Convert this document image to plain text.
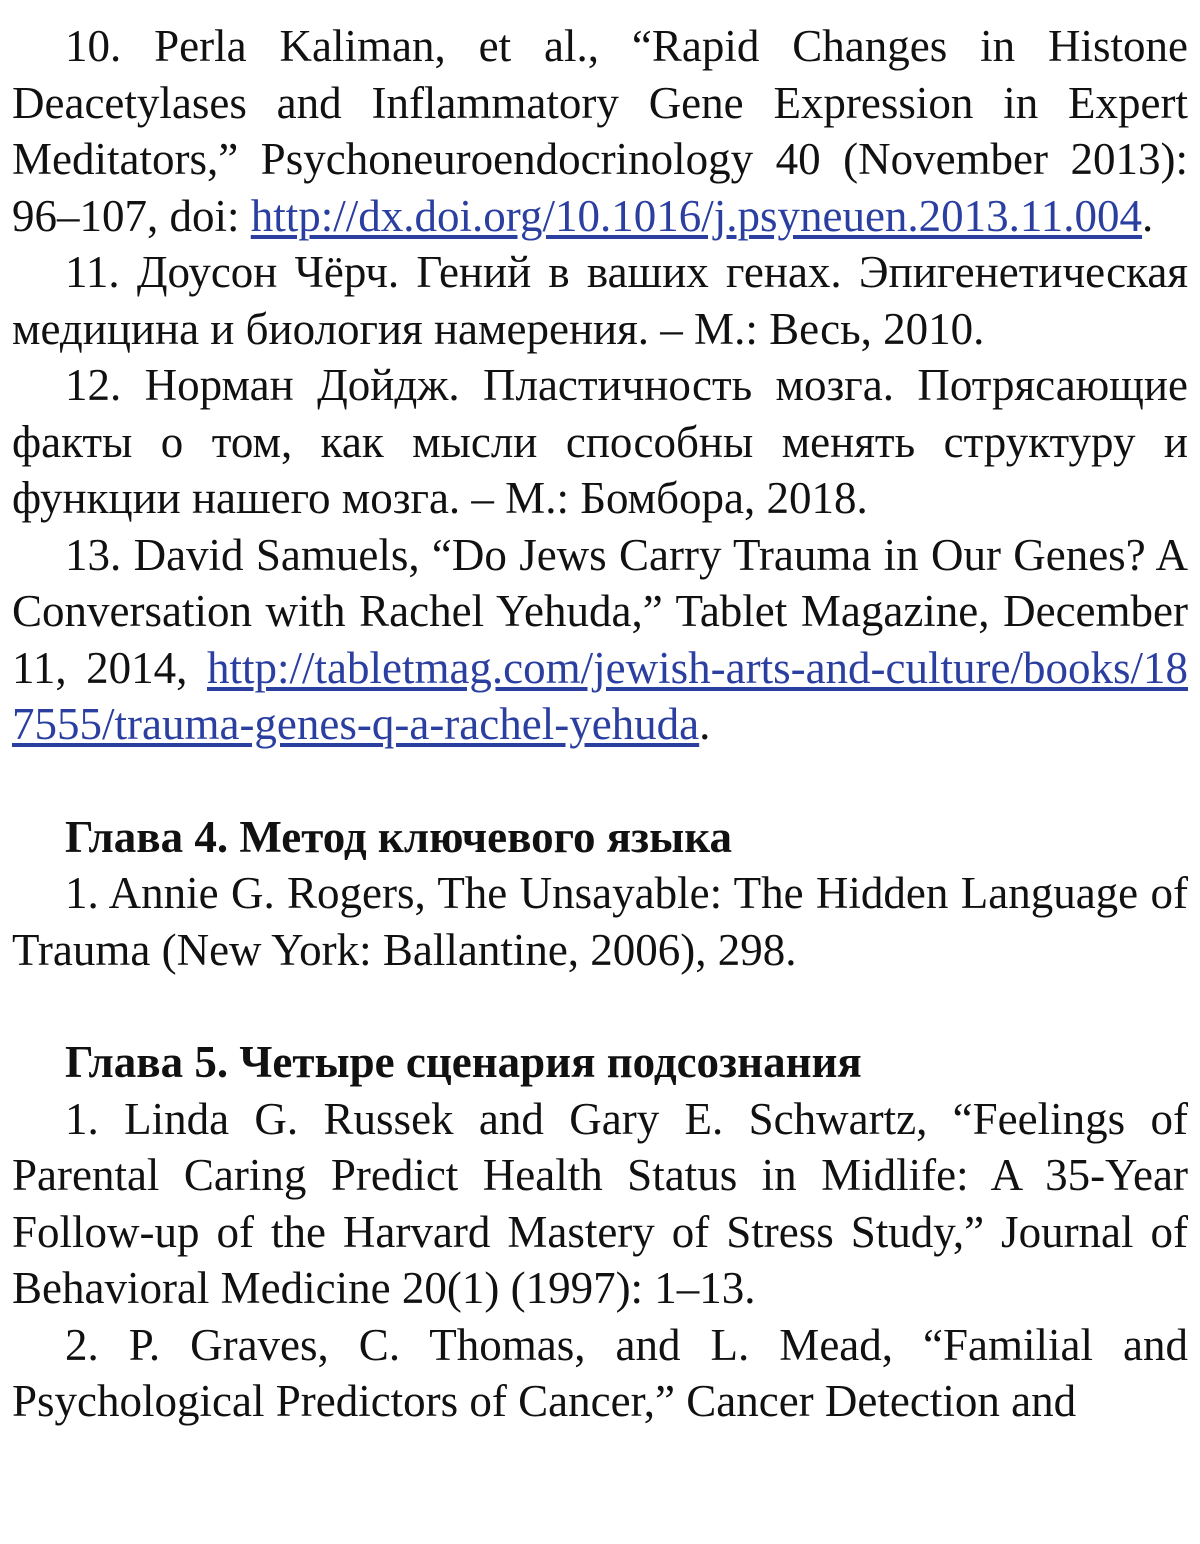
10. Perla Kaliman, et al., “Rapid Changes in Histone Deacetylases and Inflammatory Gene Expression in Expert Meditators,” Psychoneuroendocrinology 40 (November 2013): 96–107, doi: http://dx.doi.org/10.1016/j.psyneuen.2013.11.004.

11. Доусон Чёрч. Гений в ваших генах. Эпигенетическая медицина и биология намерения. – М.: Весь, 2010.

12. Норман Дойдж. Пластичность мозга. Потрясающие факты о том, как мысли способны менять структуру и функции нашего мозга. – М.: Бомбора, 2018.

13. David Samuels, “Do Jews Carry Trauma in Our Genes? A Conversation with Rachel Yehuda,” Tablet Magazine, December 11, 2014, http://tabletmag.com/jewish-arts-and-culture/books/187555/trauma-genes-q-a-rachel-yehuda.

Глава 4. Метод ключевого языка

1. Annie G. Rogers, The Unsayable: The Hidden Language of Trauma (New York: Ballantine, 2006), 298.

Глава 5. Четыре сценария подсознания

1. Linda G. Russek and Gary E. Schwartz, “Feelings of Parental Caring Predict Health Status in Midlife: A 35-Year Follow-up of the Harvard Mastery of Stress Study,” Journal of Behavioral Medicine 20(1) (1997): 1–13.

2. P. Graves, C. Thomas, and L. Mead, “Familial and Psychological Predictors of Cancer,” Cancer Detection and
